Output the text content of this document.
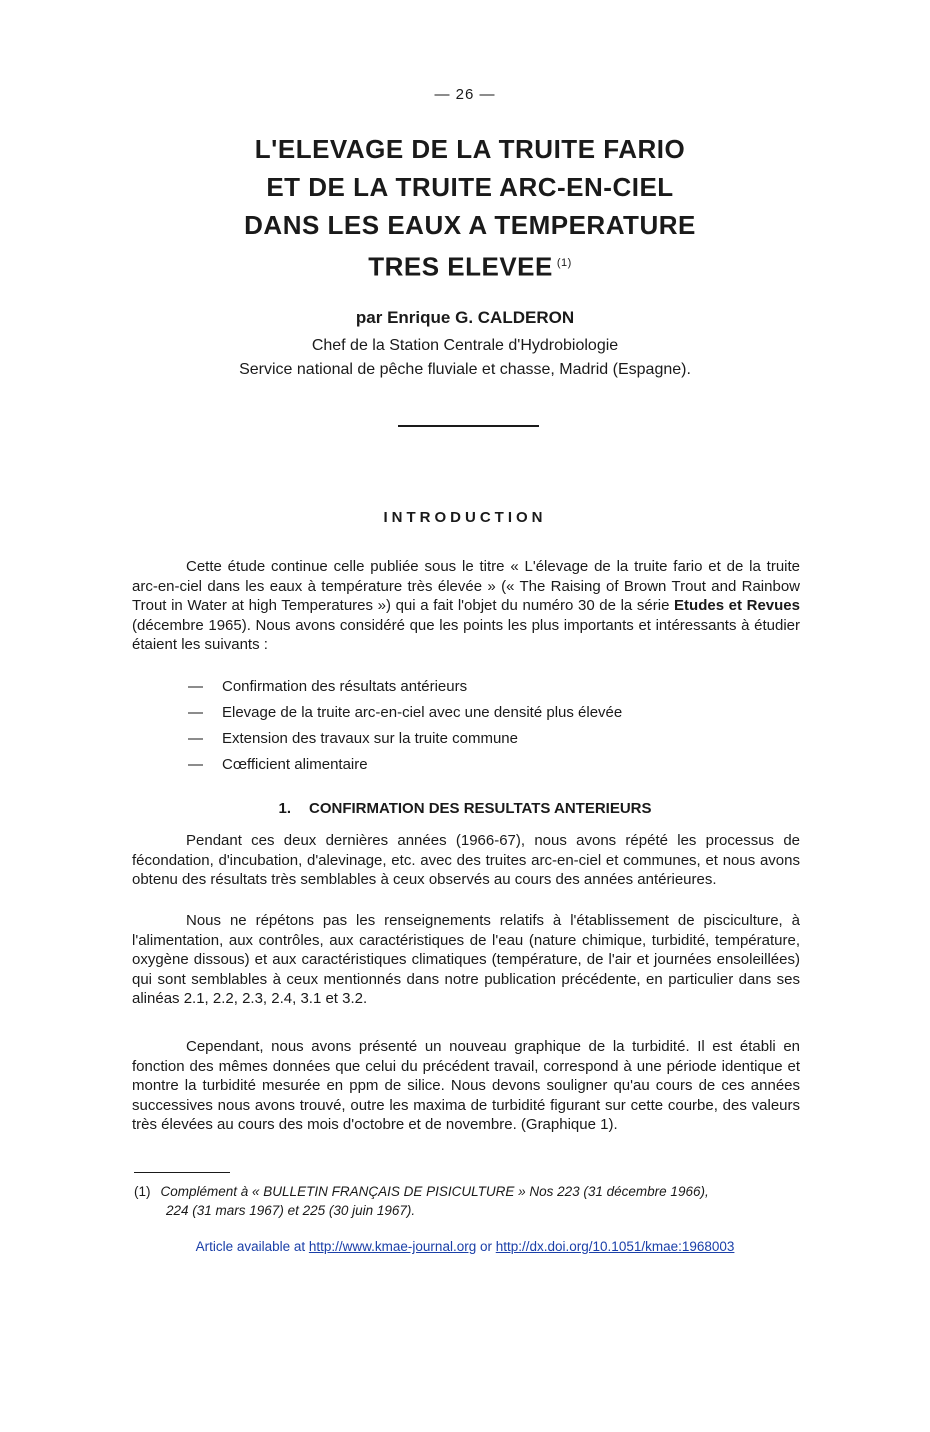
— 26 —
L'ELEVAGE DE LA TRUITE FARIO
ET DE LA TRUITE ARC-EN-CIEL
DANS LES EAUX A TEMPERATURE
TRES ELEVEE $^{(1)}$
par Enrique G. CALDERON
Chef de la Station Centrale d'Hydrobiologie
Service national de pêche fluviale et chasse, Madrid (Espagne).
INTRODUCTION

Cette étude continue celle publiée sous le titre « L'élevage de la truite fario et de la truite arc-en-ciel dans les eaux à température très élevée » (« The Raising of Brown Trout and Rainbow Trout in Water at high Temperatures ») qui a fait l'objet du numéro 30 de la série Etudes et Revues (décembre 1965). Nous avons considéré que les points les plus importants et intéressants à étudier étaient les suivants :

—	Confirmation des résultats antérieurs
—	Elevage de la truite arc-en-ciel avec une densité plus élevée
—	Extension des travaux sur la truite commune
—	Cœfficient alimentaire
1. CONFIRMATION DES RESULTATS ANTERIEURS

Pendant ces deux dernières années (1966-67), nous avons répété les processus de fécondation, d'incubation, d'alevinage, etc. avec des truites arc-en-ciel et communes, et nous avons obtenu des résultats très semblables à ceux observés au cours des années antérieures.

Nous ne répétons pas les renseignements relatifs à l'établissement de pisciculture, à l'alimentation, aux contrôles, aux caractéristiques de l'eau (nature chimique, turbidité, température, oxygène dissous) et aux caractéristiques climatiques (température, de l'air et journées ensoleillées) qui sont semblables à ceux mentionnés dans notre publication précédente, en particulier dans ses alinéas 2.1, 2.2, 2.3, 2.4, 3.1 et 3.2.

Cependant, nous avons présenté un nouveau graphique de la turbidité. Il est établi en fonction des mêmes données que celui du précédent travail, correspond à une période identique et montre la turbidité mesurée en ppm de silice. Nous devons souligner qu'au cours de ces années successives nous avons trouvé, outre les maxima de turbidité figurant sur cette courbe, des valeurs très élevées au cours des mois d'octobre et de novembre. (Graphique 1).

(1) Complément à « BULLETIN FRANÇAIS DE PISICULTURE » Nos 223 (31 décembre 1966),
224 (31 mars 1967) et 225 (30 juin 1967).
Article available at http://www.kmae-journal.org or http://dx.doi.org/10.1051/kmae:1968003
